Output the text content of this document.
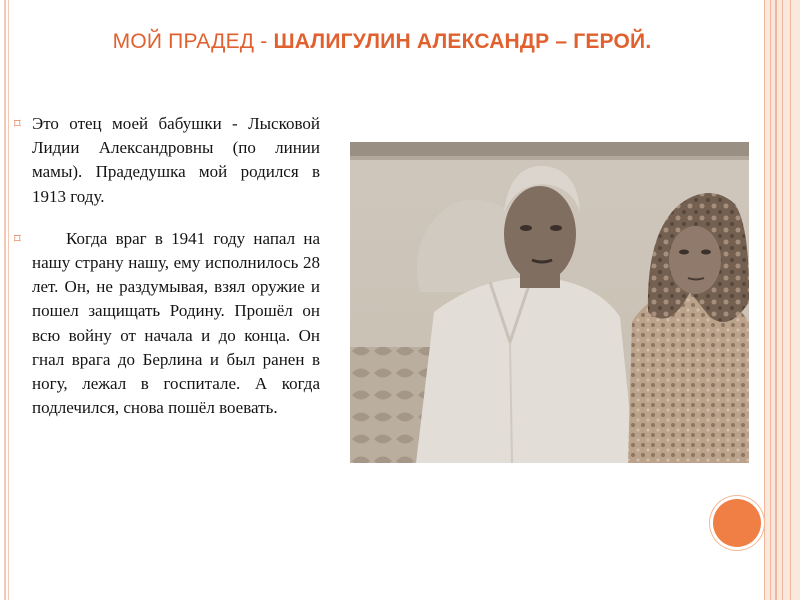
МОЙ ПРАДЕД - ШАЛИГУЛИН АЛЕКСАНДР – ГЕРОЙ.
⌑ Это отец моей бабушки - Лысковой Лидии Александровны (по линии мамы). Прадедушка мой родился в 1913 году.

⌑	Когда враг в 1941 году напал на нашу страну нашу, ему исполнилось 28 лет. Он, не раздумывая, взял оружие и пошел защищать Родину. Прошёл он всю войну от начала и до конца. Он гнал врага до Берлина и был ранен в ногу, лежал в госпитале. А когда подлечился, снова пошёл воевать.
